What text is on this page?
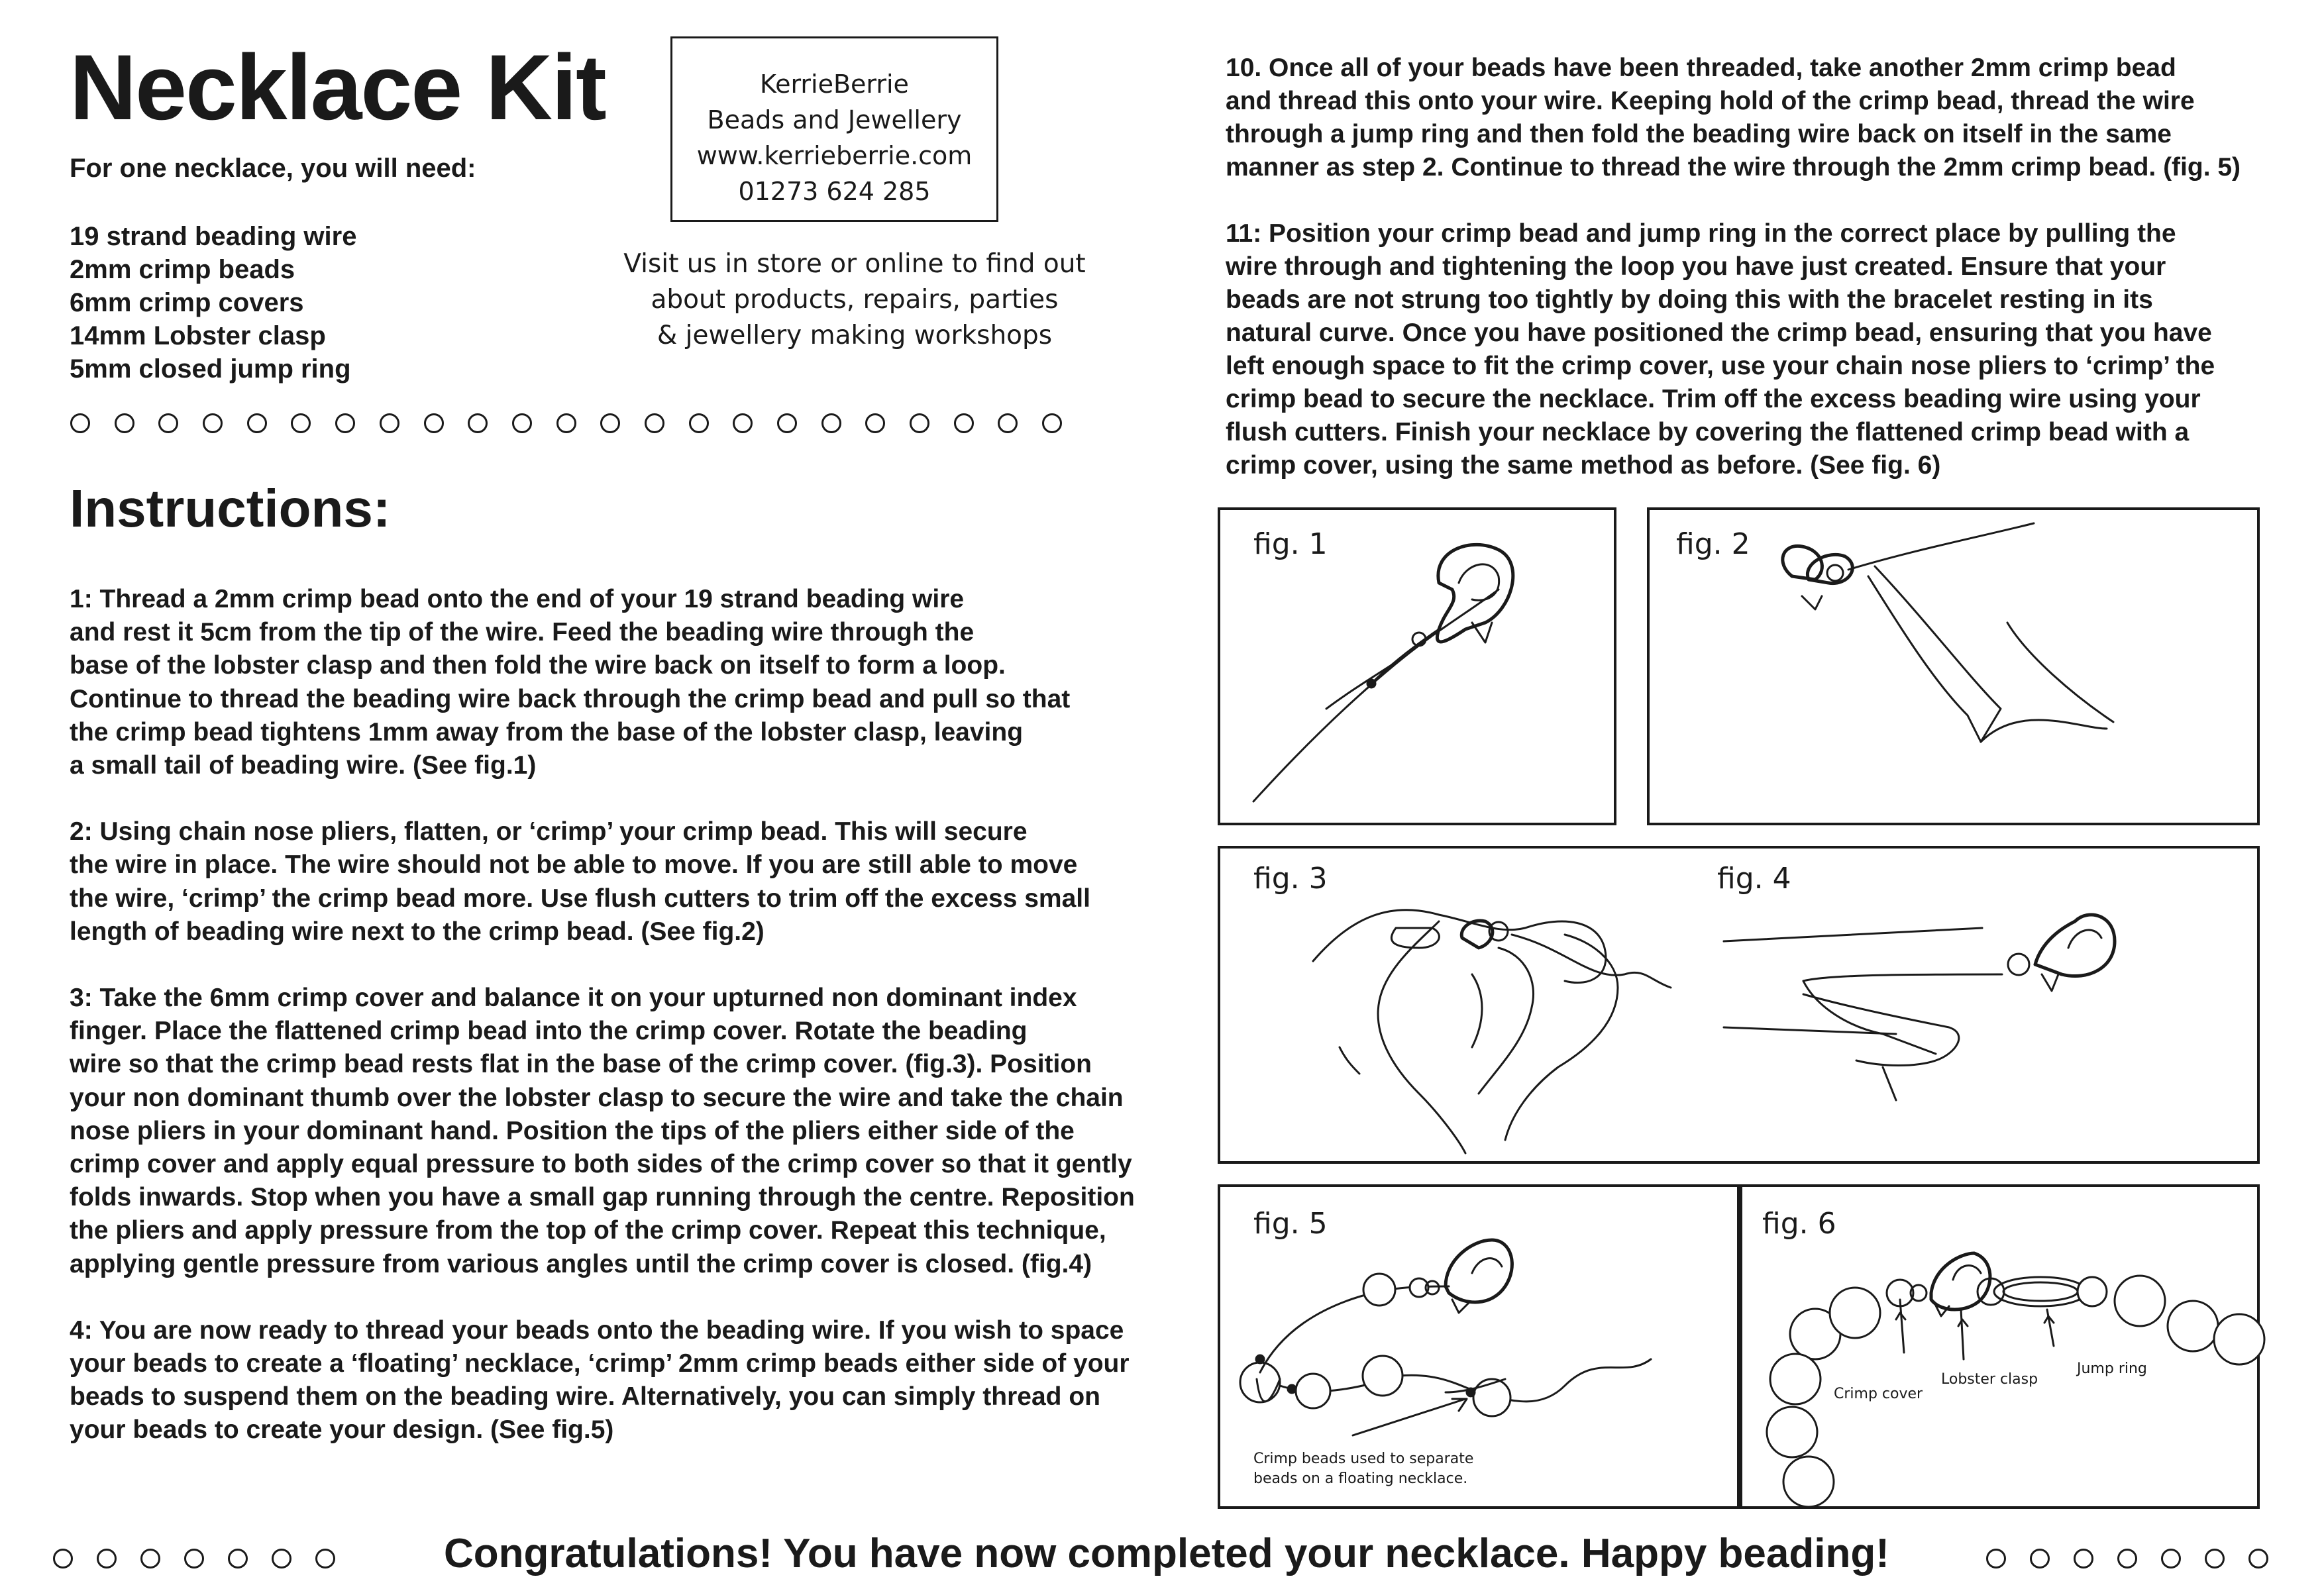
Necklace Kit
For one necklace, you will need:
19 strand beading wire
2mm crimp beads
6mm crimp covers
14mm Lobster clasp
5mm closed jump ring
KerrieBerrie
Beads and Jewellery
www.kerrieberrie.com
01273 624 285
Visit us in store or online to find out
about products, repairs, parties
& jewellery making workshops
Instructions:

1: Thread a 2mm crimp bead onto the end of your 19 strand beading wire
and rest it 5cm from the tip of the wire. Feed the beading wire through the
base of the lobster clasp and then fold the wire back on itself to form a loop.
Continue to thread the beading wire back through the crimp bead and pull so that
the crimp bead tightens 1mm away from the base of the lobster clasp, leaving
a small tail of beading wire. (See fig.1)

2: Using chain nose pliers, flatten, or ‘crimp’ your crimp bead. This will secure
the wire in place. The wire should not be able to move. If you are still able to move
the wire, ‘crimp’ the crimp bead more. Use flush cutters to trim off the excess small
length of beading wire next to the crimp bead. (See fig.2)

3: Take the 6mm crimp cover and balance it on your upturned non dominant index
finger. Place the flattened crimp bead into the crimp cover. Rotate the beading
wire so that the crimp bead rests flat in the base of the crimp cover. (fig.3). Position
your non dominant thumb over the lobster clasp to secure the wire and take the chain
nose pliers in your dominant hand. Position the tips of the pliers either side of the
crimp cover and apply equal pressure to both sides of the crimp cover so that it gently
folds inwards. Stop when you have a small gap running through the centre. Reposition
the pliers and apply pressure from the top of the crimp cover. Repeat this technique,
applying gentle pressure from various angles until the crimp cover is closed. (fig.4)

4: You are now ready to thread your beads onto the beading wire. If you wish to space
your beads to create a ‘floating’ necklace, ‘crimp’ 2mm crimp beads either side of your
beads to suspend them on the beading wire. Alternatively, you can simply thread on
your beads to create your design. (See fig.5)

10. Once all of your beads have been threaded, take another 2mm crimp bead
and thread this onto your wire. Keeping hold of the crimp bead, thread the wire
through a jump ring and then fold the beading wire back on itself in the same
manner as step 2. Continue to thread the wire through the 2mm crimp bead. (fig. 5)

11: Position your crimp bead and jump ring in the correct place by pulling the
wire through and tightening the loop you have just created. Ensure that your
beads are not strung too tightly by doing this with the bracelet resting in its
natural curve. Once you have positioned the crimp bead, ensuring that you have
left enough space to fit the crimp cover, use your chain nose pliers to ‘crimp’ the
crimp bead to secure the necklace. Trim off the excess beading wire using your
flush cutters. Finish your necklace by covering the flattened crimp bead with a
crimp cover, using the same method as before. (See fig. 6)

fig. 1	fig. 2
fig. 3	fig. 4
fig. 5
Crimp beads used to separate
beads on a floating necklace.
fig. 6
Crimp cover
Lobster clasp
Jump ring
Congratulations! You have now completed your necklace. Happy beading!
